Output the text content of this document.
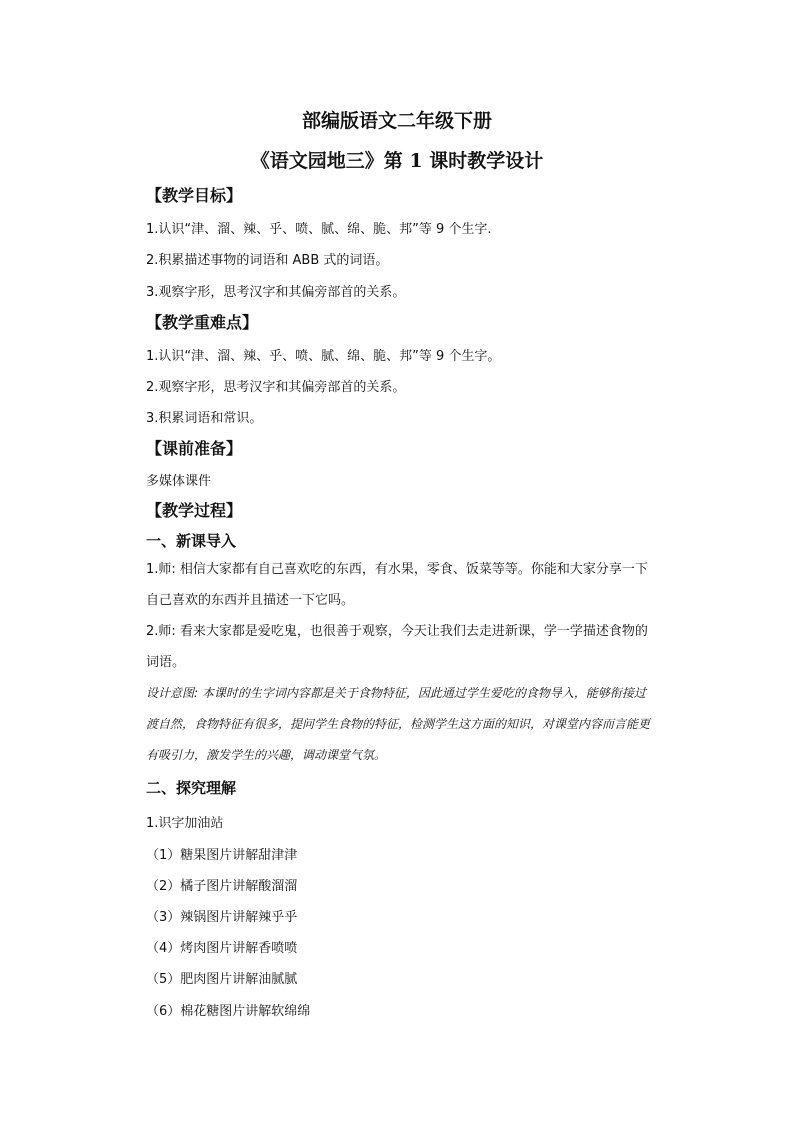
部编版语文二年级下册
《语文园地三》第 1 课时教学设计
【教学目标】
1.认识“津、溜、辣、乎、喷、腻、绵、脆、邦”等 9 个生字.
2.积累描述事物的词语和 ABB 式的词语。
3.观察字形，思考汉字和其偏旁部首的关系。
【教学重难点】
1.认识“津、溜、辣、乎、喷、腻、绵、脆、邦”等 9 个生字。
2.观察字形，思考汉字和其偏旁部首的关系。
3.积累词语和常识。
【课前准备】
多媒体课件
【教学过程】
一、新课导入
1.师: 相信大家都有自己喜欢吃的东西，有水果，零食、饭菜等等。你能和大家分享一下自己喜欢的东西并且描述一下它吗。
2.师: 看来大家都是爱吃鬼，也很善于观察，今天让我们去走进新课，学一学描述食物的词语。
设计意图: 本课时的生字词内容都是关于食物特征，因此通过学生爱吃的食物导入，能够衔接过渡自然，食物特征有很多，提问学生食物的特征，检测学生这方面的知识，对课堂内容而言能更有吸引力，激发学生的兴趣，调动课堂气氛。
二、探究理解
1.识字加油站
（1）糖果图片讲解甜津津
（2）橘子图片讲解酸溜溜
（3）辣锅图片讲解辣乎乎
（4）烤肉图片讲解香喷喷
（5）肥肉图片讲解油腻腻
（6）棉花糖图片讲解软绵绵
